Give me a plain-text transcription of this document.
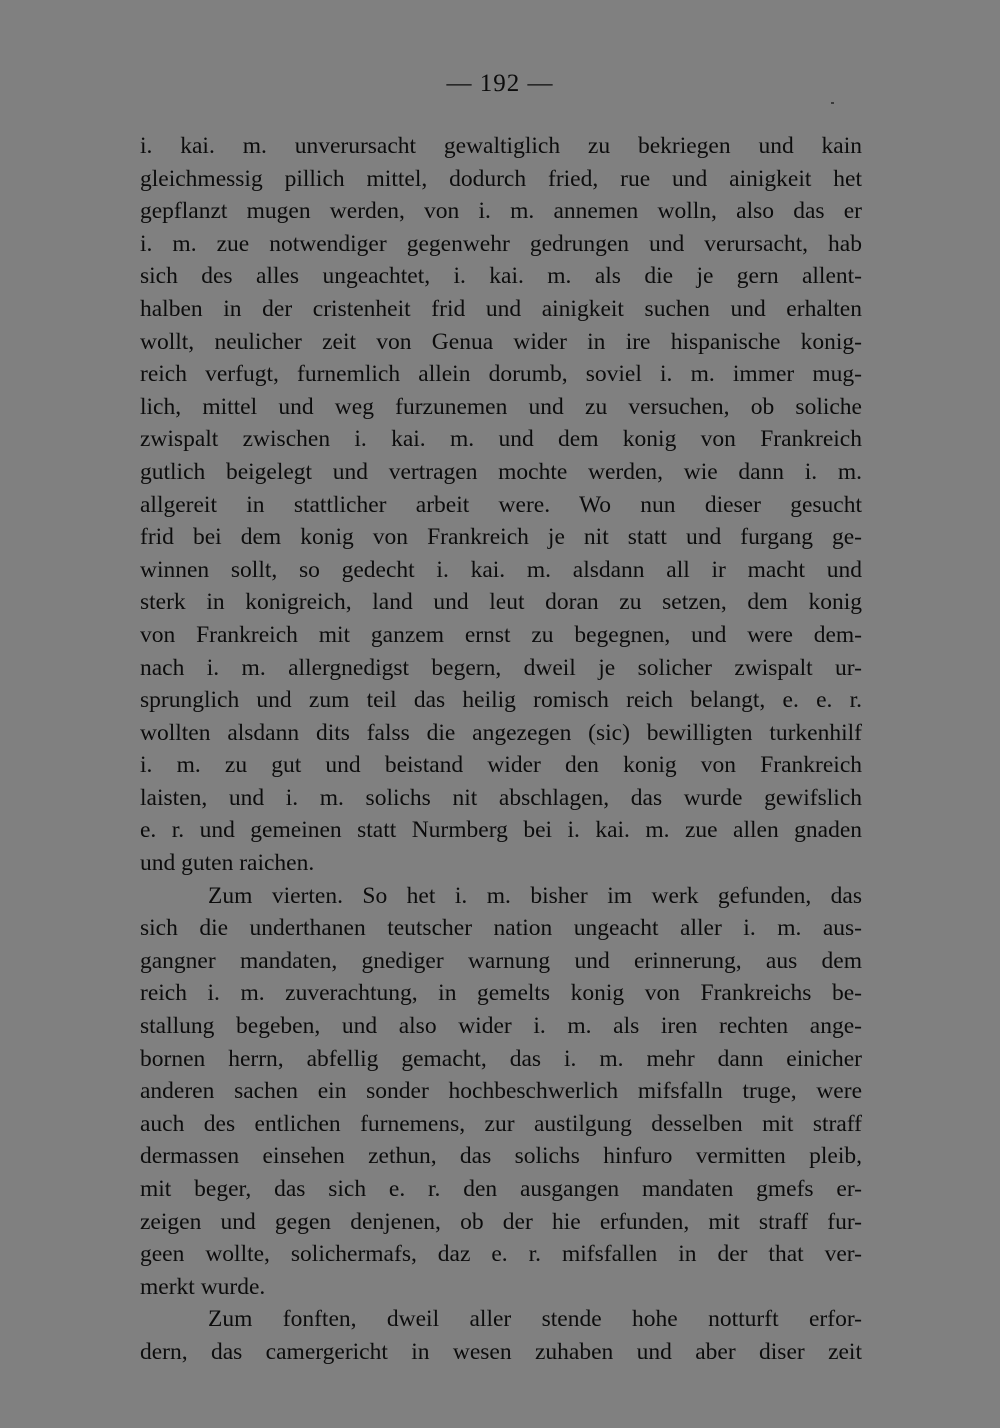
— 192 —
i. kai. m. unverursacht gewaltiglich zu bekriegen und kain
gleichmessig pillich mittel, dodurch fried, rue und ainigkeit het
gepflanzt mugen werden, von i. m. annemen wolln, also das er
i. m. zue notwendiger gegenwehr gedrungen und verursacht, hab
sich des alles ungeachtet, i. kai. m. als die je gern allent-
halben in der cristenheit frid und ainigkeit suchen und erhalten
wollt, neulicher zeit von Genua wider in ire hispanische konig-
reich verfugt, furnemlich allein dorumb, soviel i. m. immer mug-
lich, mittel und weg furzunemen und zu versuchen, ob soliche
zwispalt zwischen i. kai. m. und dem konig von Frankreich
gutlich beigelegt und vertragen mochte werden, wie dann i. m.
allgereit in stattlicher arbeit were. Wo nun dieser gesucht
frid bei dem konig von Frankreich je nit statt und furgang ge-
winnen sollt, so gedecht i. kai. m. alsdann all ir macht und
sterk in konigreich, land und leut doran zu setzen, dem konig
von Frankreich mit ganzem ernst zu begegnen, und were dem-
nach i. m. allergnedigst begern, dweil je solicher zwispalt ur-
sprunglich und zum teil das heilig romisch reich belangt, e. e. r.
wollten alsdann dits falss die angezegen (sic) bewilligten turkenhilf
i. m. zu gut und beistand wider den konig von Frankreich
laisten, und i. m. solichs nit abschlagen, das wurde gewifslich
e. r. und gemeinen statt Nurmberg bei i. kai. m. zue allen gnaden
und guten raichen.
Zum vierten. So het i. m. bisher im werk gefunden, das
sich die underthanen teutscher nation ungeacht aller i. m. aus-
gangner mandaten, gnediger warnung und erinnerung, aus dem
reich i. m. zuverachtung, in gemelts konig von Frankreichs be-
stallung begeben, und also wider i. m. als iren rechten ange-
bornen herrn, abfellig gemacht, das i. m. mehr dann einicher
anderen sachen ein sonder hochbeschwerlich mifsfalln truge, were
auch des entlichen furnemens, zur austilgung desselben mit straff
dermassen einsehen zethun, das solichs hinfuro vermitten pleib,
mit beger, das sich e. r. den ausgangen mandaten gmefs er-
zeigen und gegen denjenen, ob der hie erfunden, mit straff fur-
geen wollte, solichermafs, daz e. r. mifsfallen in der that ver-
merkt wurde.
Zum fonften, dweil aller stende hohe notturft erfor-
dern, das camergericht in wesen zuhaben und aber diser zeit
